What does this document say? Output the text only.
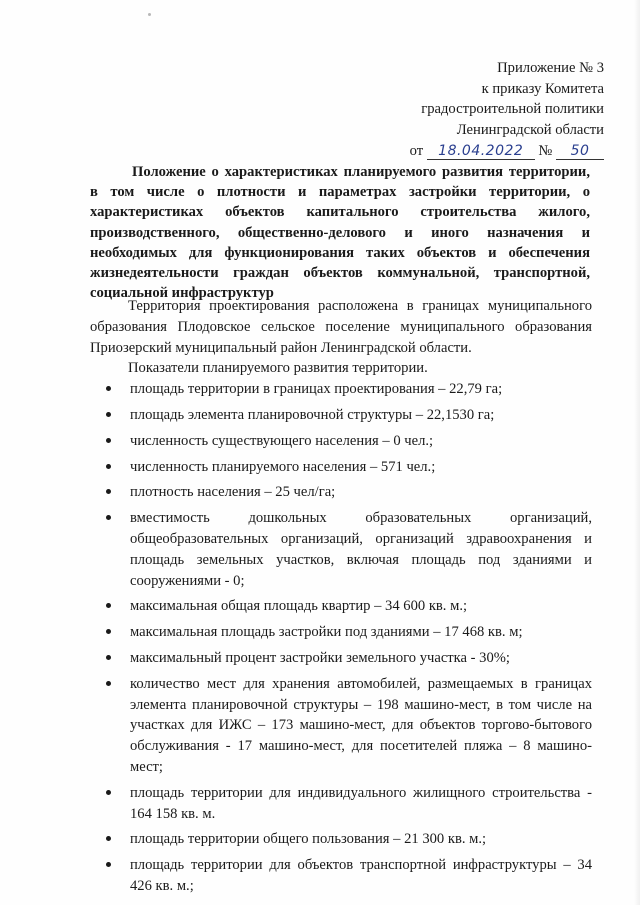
Приложение № 3
к приказу Комитета
градостроительной политики
Ленинградской области
от 18.04.2022 № 50
Положение о характеристиках планируемого развития территории, в том числе о плотности и параметрах застройки территории, о характеристиках объектов капитального строительства жилого, производственного, общественно-делового и иного назначения и необходимых для функционирования таких объектов и обеспечения жизнедеятельности граждан объектов коммунальной, транспортной, социальной инфраструктур

Территория проектирования расположена в границах муниципального образования Плодовское сельское поселение муниципального образования Приозерский муниципальный район Ленинградской области.

Показатели планируемого развития территории.

площадь территории в границах проектирования – 22,79 га;
площадь элемента планировочной структуры – 22,1530 га;
численность существующего населения – 0 чел.;
численность планируемого населения – 571 чел.;
плотность населения – 25 чел/га;
вместимость дошкольных образовательных организаций, общеобразовательных организаций, организаций здравоохранения и площадь земельных участков, включая площадь под зданиями и сооружениями - 0;
максимальная общая площадь квартир – 34 600 кв. м.;
максимальная площадь застройки под зданиями – 17 468 кв. м;
максимальный процент застройки земельного участка - 30%;
количество мест для хранения автомобилей, размещаемых в границах элемента планировочной структуры – 198 машино-мест, в том числе на участках для ИЖС – 173 машино-мест, для объектов торгово-бытового обслуживания - 17 машино-мест, для посетителей пляжа – 8 машино-мест;
площадь территории для индивидуального жилищного строительства - 164 158 кв. м.
площадь территории общего пользования – 21 300 кв. м.;
площадь территории для объектов транспортной инфраструктуры – 34 426 кв. м.;
